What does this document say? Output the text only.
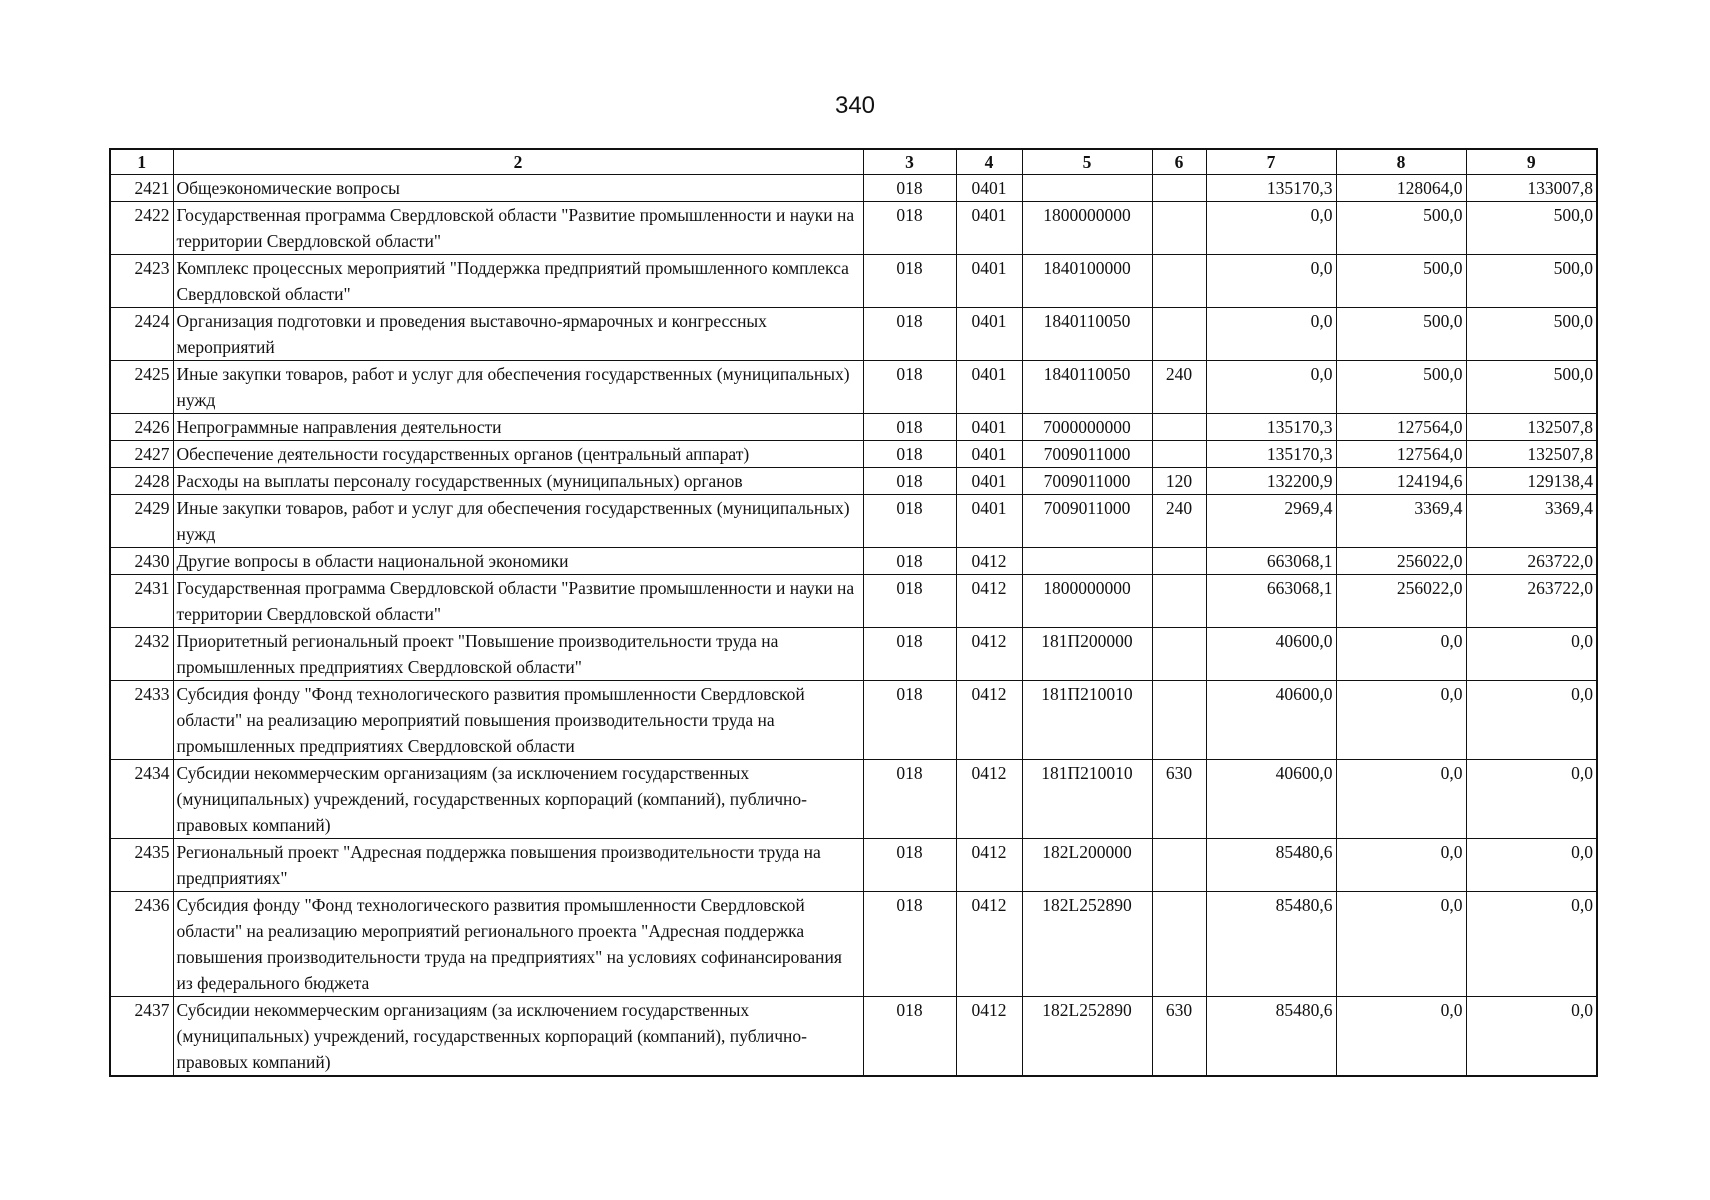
340
1	2	3	4	5	6	7	8	9
2421	Общеэкономические вопросы	018	0401			135170,3	128064,0	133007,8
2422	Государственная программа Свердловской области "Развитие промышленности и науки на территории Свердловской области"	018	0401	1800000000		0,0	500,0	500,0
2423	Комплекс процессных мероприятий "Поддержка предприятий промышленного комплекса Свердловской области"	018	0401	1840100000		0,0	500,0	500,0
2424	Организация подготовки и проведения выставочно-ярмарочных и конгрессных мероприятий	018	0401	1840110050		0,0	500,0	500,0
2425	Иные закупки товаров, работ и услуг для обеспечения государственных (муниципальных) нужд	018	0401	1840110050	240	0,0	500,0	500,0
2426	Непрограммные направления деятельности	018	0401	7000000000		135170,3	127564,0	132507,8
2427	Обеспечение деятельности государственных органов (центральный аппарат)	018	0401	7009011000		135170,3	127564,0	132507,8
2428	Расходы на выплаты персоналу государственных (муниципальных) органов	018	0401	7009011000	120	132200,9	124194,6	129138,4
2429	Иные закупки товаров, работ и услуг для обеспечения государственных (муниципальных) нужд	018	0401	7009011000	240	2969,4	3369,4	3369,4
2430	Другие вопросы в области национальной экономики	018	0412			663068,1	256022,0	263722,0
2431	Государственная программа Свердловской области "Развитие промышленности и науки на территории Свердловской области"	018	0412	1800000000		663068,1	256022,0	263722,0
2432	Приоритетный региональный проект "Повышение производительности труда на промышленных предприятиях Свердловской области"	018	0412	181П200000		40600,0	0,0	0,0
2433	Субсидия фонду "Фонд технологического развития промышленности Свердловской области" на реализацию мероприятий повышения производительности труда на промышленных предприятиях Свердловской области	018	0412	181П210010		40600,0	0,0	0,0
2434	Субсидии некоммерческим организациям (за исключением государственных (муниципальных) учреждений, государственных корпораций (компаний), публично-правовых компаний)	018	0412	181П210010	630	40600,0	0,0	0,0
2435	Региональный проект "Адресная поддержка повышения производительности труда на предприятиях"	018	0412	182L200000		85480,6	0,0	0,0
2436	Субсидия фонду "Фонд технологического развития промышленности Свердловской области" на реализацию мероприятий регионального проекта "Адресная поддержка повышения производительности труда на предприятиях" на условиях софинансирования из федерального бюджета	018	0412	182L252890		85480,6	0,0	0,0
2437	Субсидии некоммерческим организациям (за исключением государственных (муниципальных) учреждений, государственных корпораций (компаний), публично-правовых компаний)	018	0412	182L252890	630	85480,6	0,0	0,0
